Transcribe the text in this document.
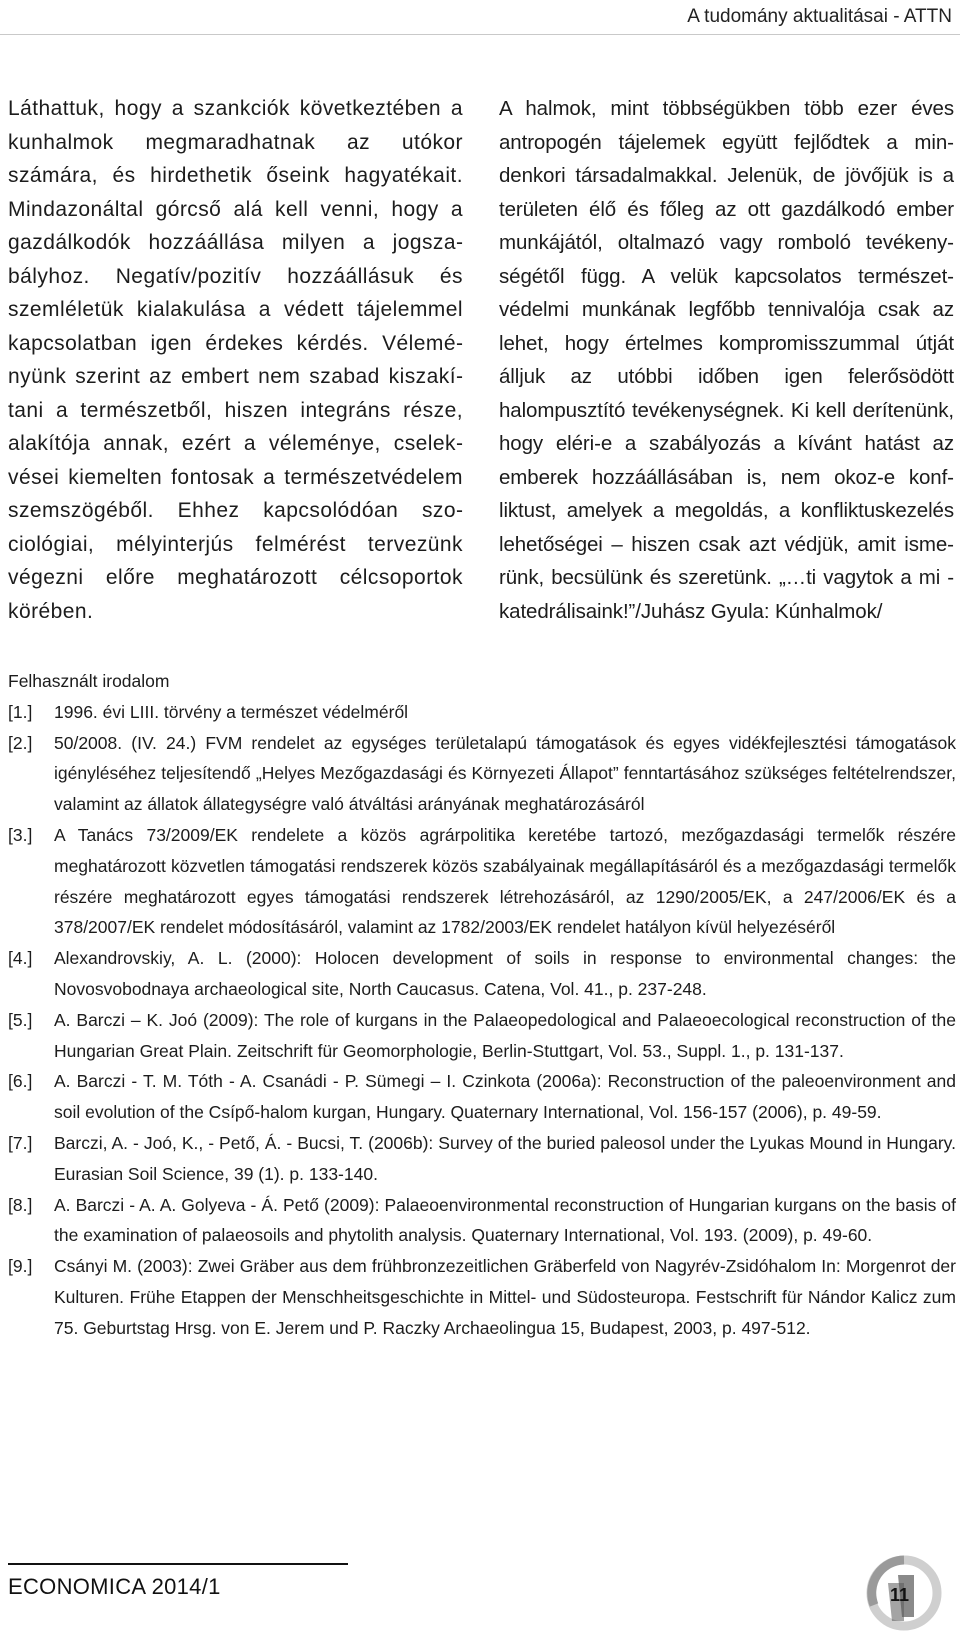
A tudomány aktualitásai - ATTN

Láthattuk, hogy a szankciók következtében a kunhalmok megmaradhatnak az utókor számára, és hirdethetik őseink hagyatékait. Mindazonáltal górcső alá kell venni, hogy a gazdálkodók hozzáállása milyen a jogszabályhoz. Negatív/pozitív hozzáállásuk és szemléletük kialakulása a védett tájelemmel kapcsolatban igen érdekes kérdés. Véleményünk szerint az embert nem szabad kiszakítani a természetből, hiszen integráns része, alakítója annak, ezért a véleménye, cselekvései kiemelten fontosak a természetvédelem szemszögéből. Ehhez kapcsolódóan szociológiai, mélyinterjús felmérést tervezünk végezni előre meghatározott célcsoportok körében.

A halmok, mint többségükben több ezer éves antropogén tájelemek együtt fejlődtek a mindenkori társadalmakkal. Jelenük, de jövőjük is a területen élő és főleg az ott gazdálkodó ember munkájától, oltalmazó vagy romboló tevékenységétől függ. A velük kapcsolatos természetvédelmi munkának legfőbb tennivalója csak az lehet, hogy értelmes kompromisszummal útját álljuk az utóbbi időben igen felerősödött halompusztító tevékenységnek. Ki kell derítenünk, hogy eléri-e a szabályozás a kívánt hatást az emberek hozzáállásában is, nem okoz-e konfliktust, amelyek a megoldás, a konfliktuskezelés lehetőségei – hiszen csak azt védjük, amit ismerünk, becsülünk és szeretünk. „…ti vagytok a mi - katedrálisaink!”/Juhász Gyula: Kúnhalmok/

Felhasznált irodalom
[1.] 1996. évi LIII. törvény a természet védelméről
[2.] 50/2008. (IV. 24.) FVM rendelet az egységes területalapú támogatások és egyes vidékfejlesztési támogatások igényléséhez teljesítendő „Helyes Mezőgazdasági és Környezeti Állapot” fenntartásához szükséges feltételrendszer, valamint az állatok állategységre való átváltási arányának meghatározásáról
[3.] A Tanács 73/2009/EK rendelete a közös agrárpolitika keretébe tartozó, mezőgazdasági termelők részére meghatározott közvetlen támogatási rendszerek közös szabályainak megállapításáról és a mezőgazdasági termelők részére meghatározott egyes támogatási rendszerek létrehozásáról, az 1290/2005/EK, a 247/2006/EK és a 378/2007/EK rendelet módosításáról, valamint az 1782/2003/EK rendelet hatályon kívül helyezéséről
[4.] Alexandrovskiy, A. L. (2000): Holocen development of soils in response to environmental changes: the Novosvobodnaya archaeological site, North Caucasus. Catena, Vol. 41., p. 237-248.
[5.] A. Barczi – K. Joó (2009): The role of kurgans in the Palaeopedological and Palaeoecological reconstruction of the Hungarian Great Plain. Zeitschrift für Geomorphologie, Berlin-Stuttgart, Vol. 53., Suppl. 1., p. 131-137.
[6.] A. Barczi - T. M. Tóth - A. Csanádi - P. Sümegi – I. Czinkota (2006a): Reconstruction of the paleoenvironment and soil evolution of the Csípő-halom kurgan, Hungary. Quaternary International, Vol. 156-157 (2006), p. 49-59.
[7.] Barczi, A. - Joó, K., - Pető, Á. - Bucsi, T. (2006b): Survey of the buried paleosol under the Lyukas Mound in Hungary. Eurasian Soil Science, 39 (1). p. 133-140.
[8.] A. Barczi - A. A. Golyeva - Á. Pető (2009): Palaeoenvironmental reconstruction of Hungarian kurgans on the basis of the examination of palaeosoils and phytolith analysis. Quaternary International, Vol. 193. (2009), p. 49-60.
[9.] Csányi M. (2003): Zwei Gräber aus dem frühbronzezeitlichen Gräberfeld von Nagyrév-Zsidóhalom In: Morgenrot der Kulturen. Frühe Etappen der Menschheitsgeschichte in Mittel- und Südosteuropa. Festschrift für Nándor Kalicz zum 75. Geburtstag Hrsg. von E. Jerem und P. Raczky Archaeolingua 15, Budapest, 2003, p. 497-512.
ECONOMICA 2014/1	11
